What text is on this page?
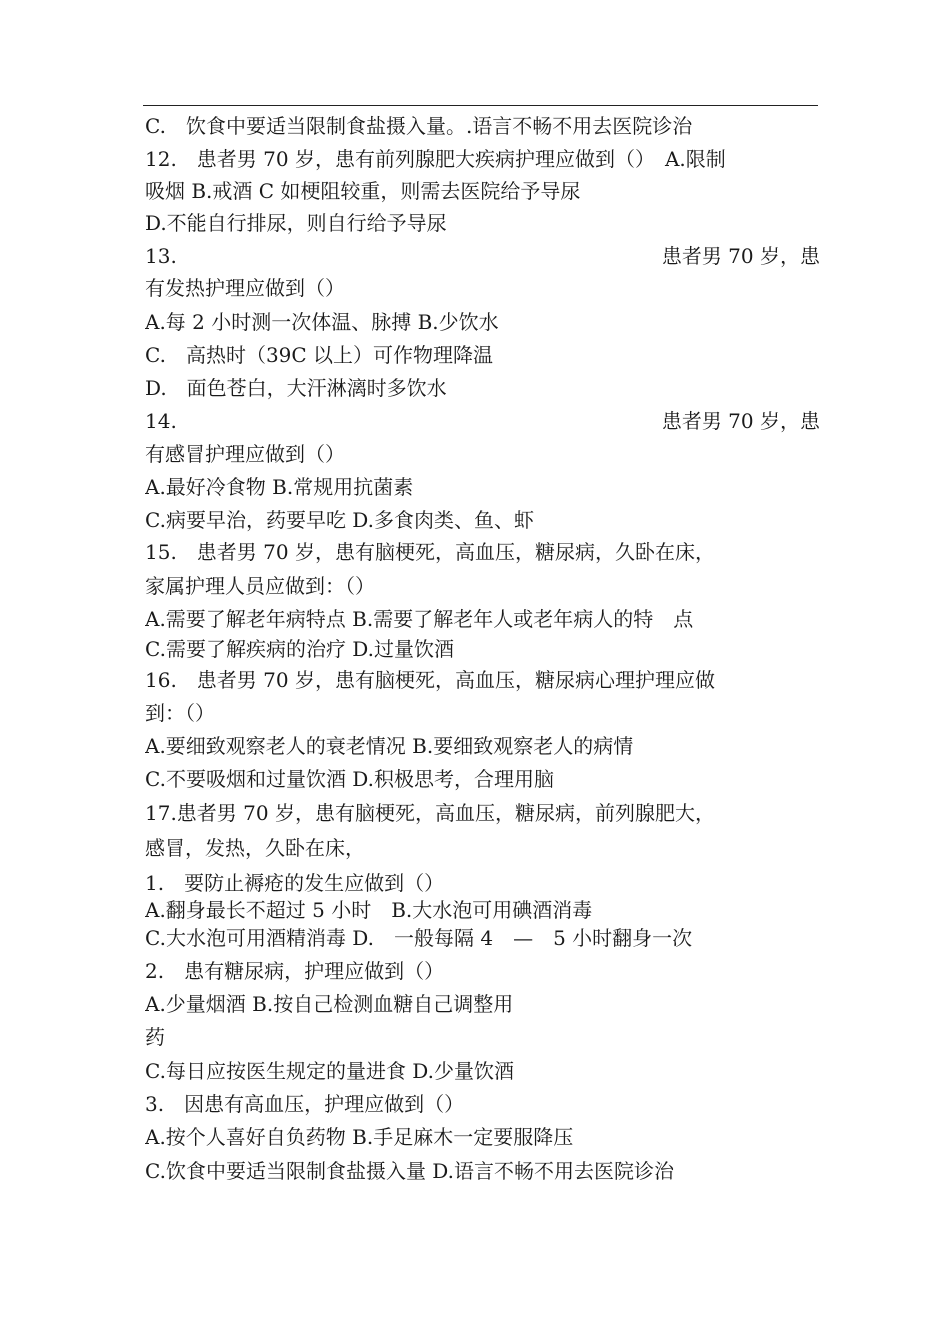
C.　饮食中要适当限制食盐摄入量。.语言不畅不用去医院诊治
12.　患者男 70 岁，患有前列腺肥大疾病护理应做到（）　A.限制
吸烟 B.戒酒 C 如梗阻较重，则需去医院给予导尿
D.不能自行排尿，则自行给予导尿
13.	患者男 70 岁，患
有发热护理应做到（）
A.每 2 小时测一次体温、脉搏 B.少饮水
C.　高热时（39C 以上）可作物理降温
D.　面色苍白，大汗淋漓时多饮水
14.	患者男 70 岁，患
有感冒护理应做到（）
A.最好冷食物 B.常规用抗菌素
C.病要早治，药要早吃 D.多食肉类、鱼、虾
15.　患者男 70 岁，患有脑梗死，高血压，糖尿病，久卧在床，
家属护理人员应做到：（）
A.需要了解老年病特点 B.需要了解老年人或老年病人的特　点
C.需要了解疾病的治疗 D.过量饮酒
16.　患者男 70 岁，患有脑梗死，高血压，糖尿病心理护理应做
到：（）
A.要细致观察老人的衰老情况 B.要细致观察老人的病情
C.不要吸烟和过量饮酒 D.积极思考，合理用脑
17.患者男 70 岁，患有脑梗死，高血压，糖尿病，前列腺肥大，
感冒，发热，久卧在床，
1.　要防止褥疮的发生应做到（）
A.翻身最长不超过 5 小时　B.大水泡可用碘酒消毒
C.大水泡可用酒精消毒 D.　一般每隔 4　—　5 小时翻身一次
2.　患有糖尿病，护理应做到（）
A.少量烟酒 B.按自己检测血糖自己调整用
药
C.每日应按医生规定的量进食 D.少量饮酒
3.　因患有高血压，护理应做到（）
A.按个人喜好自负药物 B.手足麻木一定要服降压
C.饮食中要适当限制食盐摄入量 D.语言不畅不用去医院诊治
